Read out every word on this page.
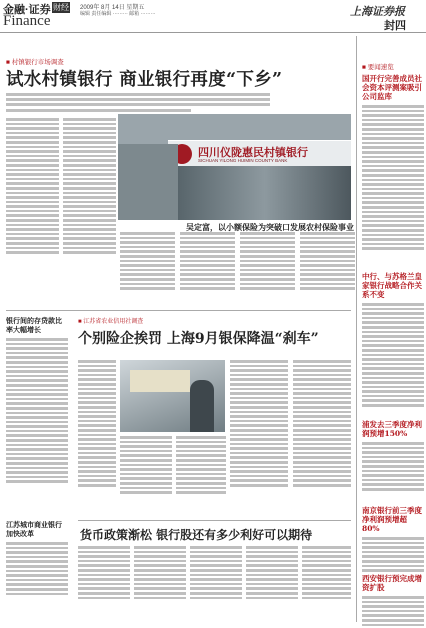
金融·证券 财经
Finance
2009年 8月 14日 星期五
编辑 责任编辑 ········· 邮箱 ·········	上海证券报
封四
■ 村镇银行市场调查
试水村镇银行 商业银行再度“下乡”
四川仪陇惠民村镇银行
SICHUAN YILONG HUIMIN COUNTY BANK
吴定富，以小额保险为突破口发展农村保险事业
■ 要闻速览
国开行完善成员社会资本评测案吸引公司监库
中行、与苏格兰皇家银行战略合作关系不变
浦发去三季度净利润预增150%
南京银行前三季度净利润预增超80%
西安银行预完成增资扩股
银行间的存贷款比率大幅增长
江苏城市商业银行加快改革
■ 江苏省农业信用社调查
个别险企挨罚 上海9月银保降温“刹车”
货币政策渐松 银行股还有多少利好可以期待
